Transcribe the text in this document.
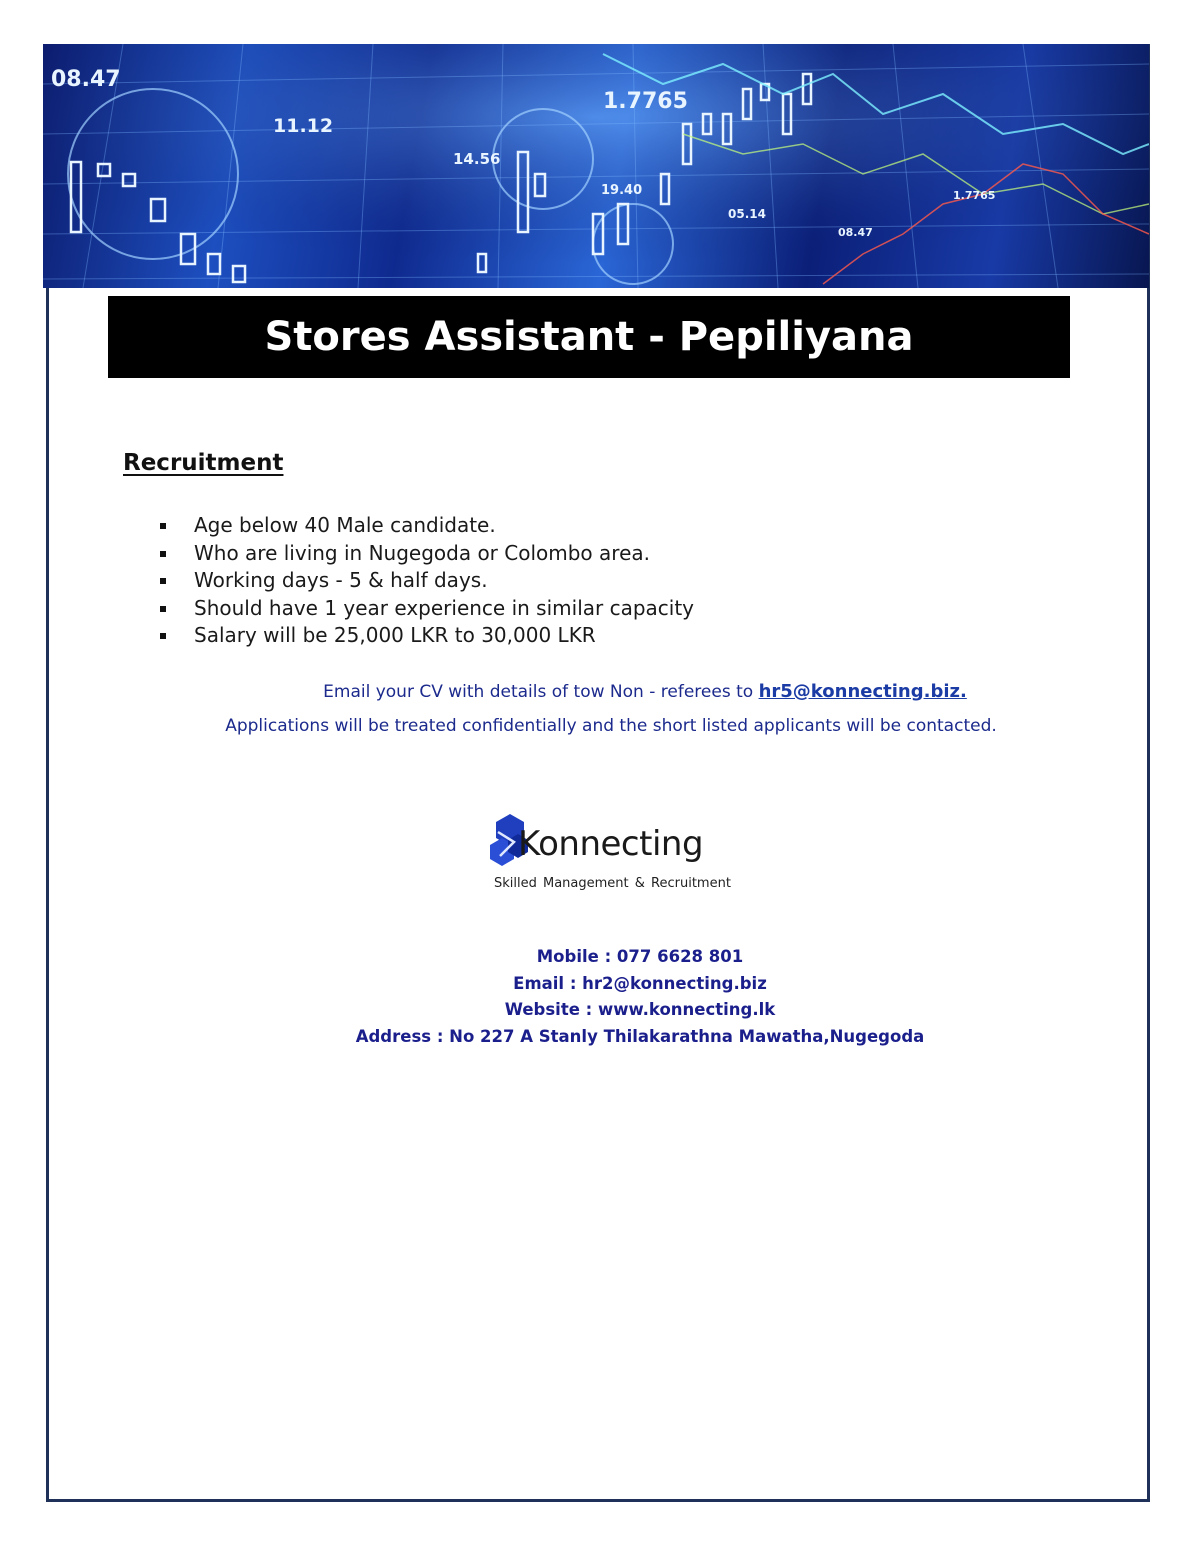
08.47
11.12
14.56
1.7765
19.40
05.14
08.47
1.7765
Stores Assistant - Pepiliyana
Recruitment
Age below 40 Male candidate.
Who are living in Nugegoda or Colombo area.
Working days - 5 & half days.
Should have 1 year experience in similar capacity
Salary will be 25,000 LKR to 30,000 LKR
Email your CV with details of tow Non - referees to hr5@konnecting.biz.
Applications will be treated confidentially and the short listed applicants will be contacted.
Konnecting
Skilled Management & Recruitment
Mobile : 077 6628 801
Email : hr2@konnecting.biz
Website : www.konnecting.lk
Address : No 227 A Stanly Thilakarathna Mawatha,Nugegoda
